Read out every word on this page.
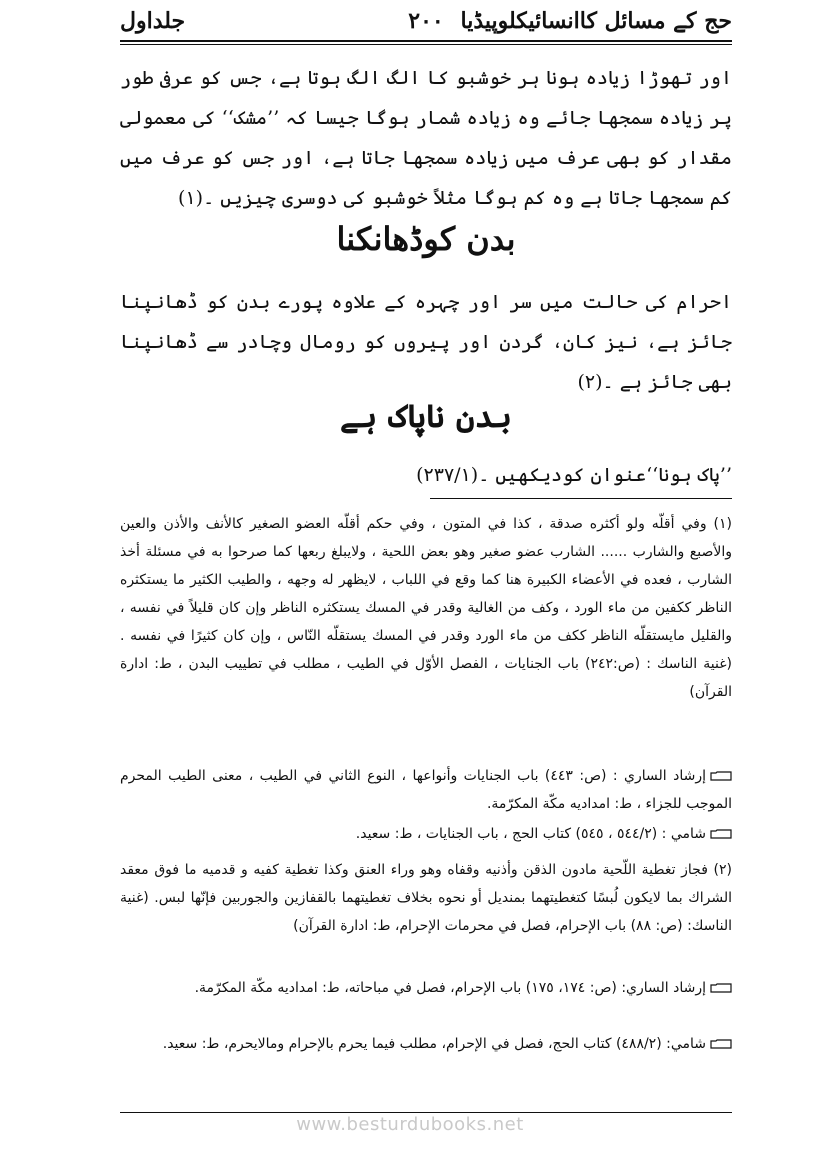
حج کے مسائل کاانسائیکلوپیڈیا
٢٠٠
جلداول
اور تھوڑا زیادہ ہونا ہر خوشبو کا الگ الگ ہوتا ہے، جس کو عرفی طور پر زیادہ سمجھا جائے وہ زیادہ شمار ہوگا جیسا کہ ’’مشک‘‘ کی معمولی مقدار کو بھی عرف میں زیادہ سمجھا جاتا ہے، اور جس کو عرف میں کم سمجھا جاتا ہے وہ کم ہوگا مثلاً خوشبو کی دوسری چیزیں ۔(۱)
بدن کوڈھانکنا
احرام کی حالت میں سر اور چہرہ کے علاوہ پورے بدن کو ڈھانپنا جائز ہے، نیز کان، گردن اور پیروں کو رومال وچادر سے ڈھانپنا بھی جائز ہے ۔(۲)
بدن ناپاک ہے
’’پاک ہونا‘‘عنوان کودیکھیں ۔(۲۳۷/۱)
(۱) وفي أقلّه ولو أكثره صدقة ، كذا في المتون ، وفي حكم أقلّه العضو الصغير كالأنف والأذن والعين والأصبع والشارب ...... الشارب عضو صغير وهو بعض اللحية ، ولايبلغ ربعها كما صرحوا به في مسئلة أخذ الشارب ، فعده في الأعضاء الكبيرة هنا كما وقع في اللباب ، لايظهر له وجهه ، والطيب الكثير ما يستكثره الناظر ككفين من ماء الورد ، وكف من الغالية وقدر في المسك يستكثره الناظر وإن كان قليلاً في نفسه ، والقليل مايستقلّه الناظر ككف من ماء الورد وقدر في المسك يستقلّه النّاس ، وإن كان كثيرًا في نفسه . (غنية الناسك : (ص:٢٤٢) باب الجنايات ، الفصل الأوّل في الطيب ، مطلب في تطييب البدن ، ط: ادارة القرآن)
إرشاد الساري : (ص: ٤٤٣) باب الجنايات وأنواعها ، النوع الثاني في الطيب ، معنى الطيب المحرم الموجب للجزاء ، ط: امداديه مكّة المكرّمة.
شامي : (٥٤٤/٢ ، ٥٤٥) كتاب الحج ، باب الجنايات ، ط: سعيد.
(٢) فجاز تغطية اللّحية مادون الذقن وأذنيه وقفاه وهو وراء العنق وكذا تغطية كفيه و قدميه ما فوق معقد الشراك بما لايكون لُبسًا كتغطيتهما بمنديل أو نحوه بخلاف تغطيتهما بالقفازين والجوربين فإنّها لبس. (غنية الناسك: (ص: ٨٨) باب الإحرام، فصل في محرمات الإحرام، ط: ادارة القرآن)
إرشاد الساري: (ص: ١٧٤، ١٧٥) باب الإحرام، فصل في مباحاته، ط: امداديه مكّة المكرّمة.
شامي: (٤٨٨/٢) كتاب الحج، فصل في الإحرام، مطلب فيما يحرم بالإحرام ومالايحرم، ط: سعيد.
www.besturdubooks.net
